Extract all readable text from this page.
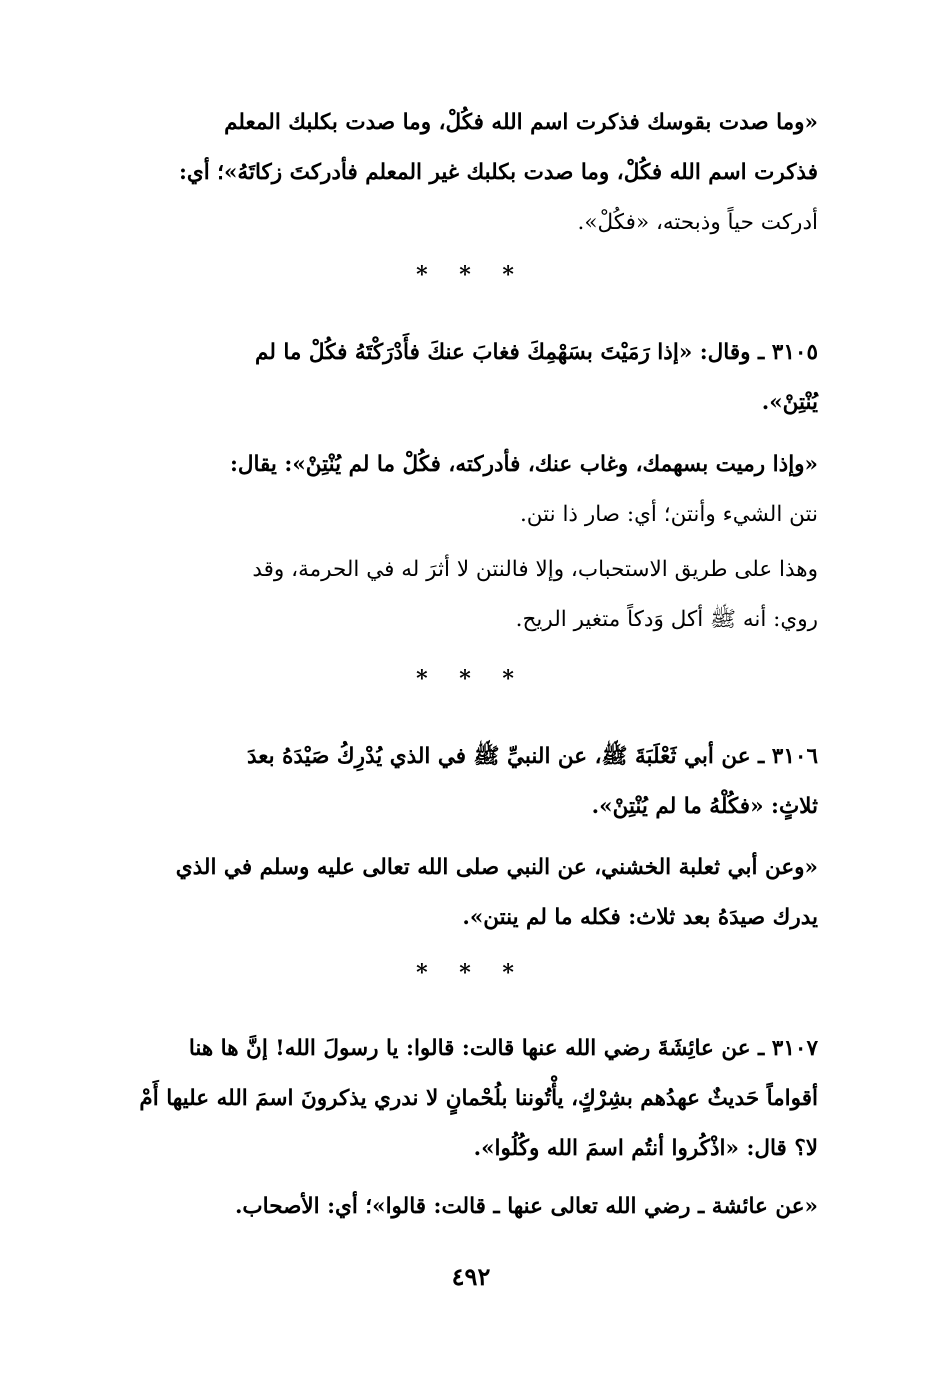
«وما صدت بقوسك فذكرت اسم الله فكُلْ، وما صدت بكلبك المعلم
فذكرت اسم الله فكُلْ، وما صدت بكلبك غير المعلم فأدركتَ زكاتَهُ»؛ أي:
أدركت حياً وذبحته، «فكُلْ».
* * *
٣١٠٥ ـ وقال: «إذا رَمَيْتَ بسَهْمِكَ فغابَ عنكَ فأَدْرَكْتَهُ فكُلْ ما لم
يُنْتِنْ».
«وإذا رميت بسهمك، وغاب عنك، فأدركته، فكُلْ ما لم يُنْتِنْ»: يقال:
نتن الشيء وأنتن؛ أي: صار ذا نتن.
وهذا على طريق الاستحباب، وإلا فالنتن لا أثرَ له في الحرمة، وقد
روي: أنه ﷺ أكل وَدكاً متغير الريح.
* * *
٣١٠٦ ـ عن أبي ثَعْلَبَةَ ﷺ، عن النبيِّ ﷺ في الذي يُدْرِكُ صَيْدَهُ بعدَ
ثلاثٍ: «فكُلْهُ ما لم يُنْتِنْ».
«وعن أبي ثعلبة الخشني، عن النبي صلى الله تعالى عليه وسلم في الذي
يدرك صيدَهُ بعد ثلاث: فكله ما لم ينتن».
* * *
٣١٠٧ ـ عن عائِشَةَ رضي الله عنها قالت: قالوا: يا رسولَ الله! إنَّ ها هنا
أقواماً حَديثٌ عهدُهم بشِرْكٍ، يأْتُوننا بلُحْمانٍ لا ندري يذكرونَ اسمَ الله عليها أَمْ
لا؟ قال: «اذْكُروا أنتُم اسمَ الله وكُلُوا».
«عن عائشة ـ رضي الله تعالى عنها ـ قالت: قالوا»؛ أي: الأصحاب.
٤٩٢
